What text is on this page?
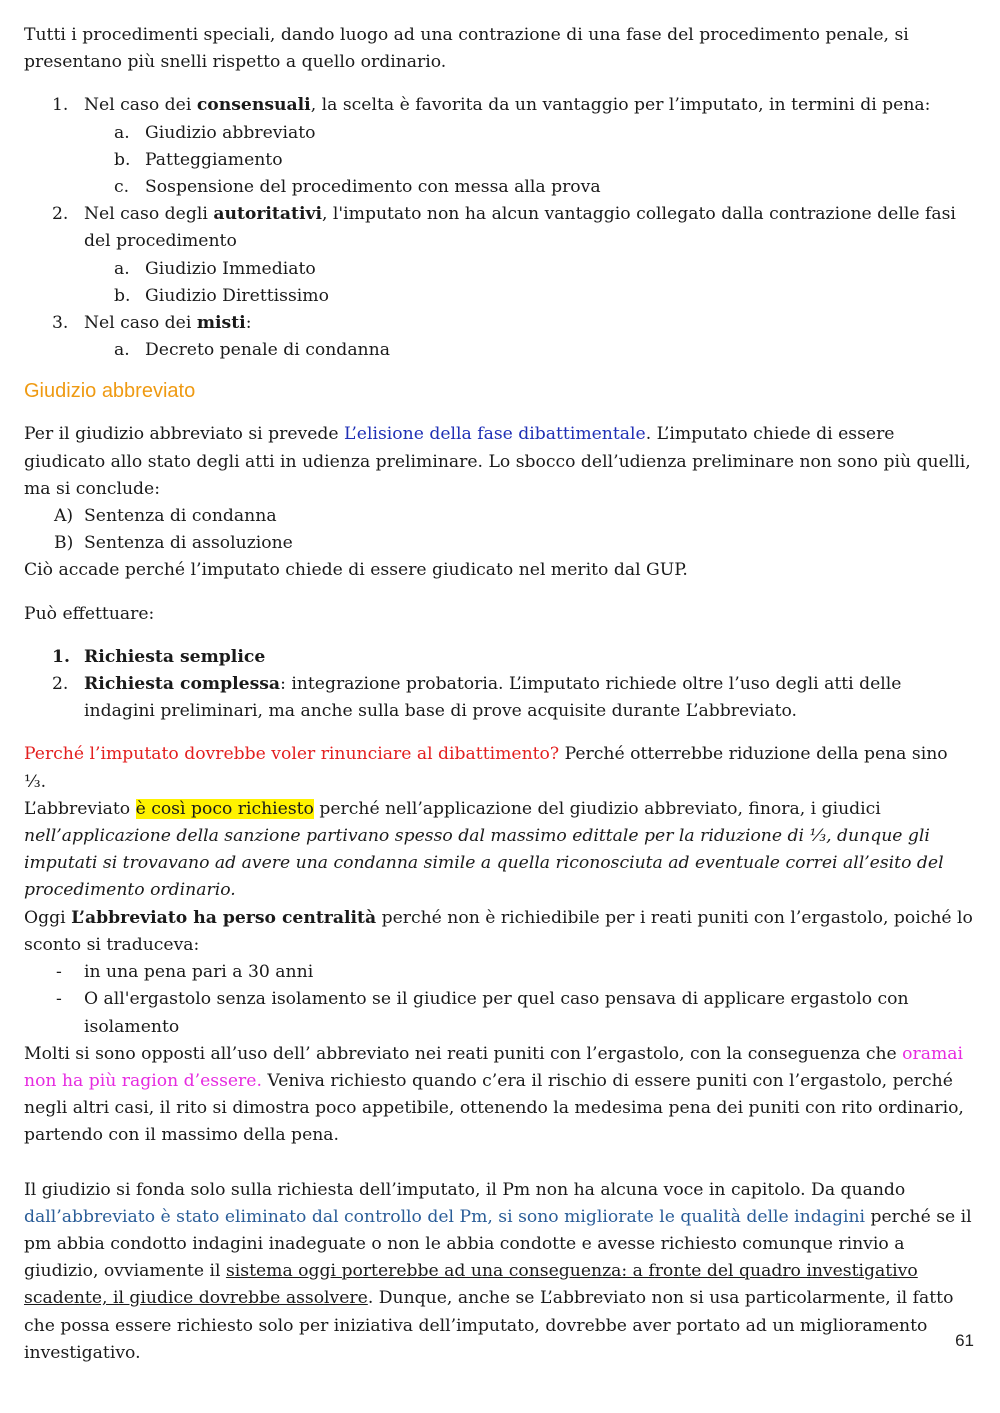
Tutti i procedimenti speciali, dando luogo ad una contrazione di una fase del procedimento penale, si presentano più snelli rispetto a quello ordinario.

1. Nel caso dei consensuali, la scelta è favorita da un vantaggio per l’imputato, in termini di pena:
a. Giudizio abbreviato
b. Patteggiamento
c. Sospensione del procedimento con messa alla prova
2. Nel caso degli autoritativi, l'imputato non ha alcun vantaggio collegato dalla contrazione delle fasi del procedimento
a. Giudizio Immediato
b. Giudizio Direttissimo
3. Nel caso dei misti:
a. Decreto penale di condanna
Giudizio abbreviato

Per il giudizio abbreviato si prevede L’elisione della fase dibattimentale. L’imputato chiede di essere giudicato allo stato degli atti in udienza preliminare. Lo sbocco dell’udienza preliminare non sono più quelli, ma si conclude:

A) Sentenza di condanna
B) Sentenza di assoluzione

Ciò accade perché l’imputato chiede di essere giudicato nel merito dal GUP.

Può effettuare:

1. Richiesta semplice
2. Richiesta complessa: integrazione probatoria. L’imputato richiede oltre l’uso degli atti delle indagini preliminari, ma anche sulla base di prove acquisite durante L’abbreviato.

Perché l’imputato dovrebbe voler rinunciare al dibattimento? Perché otterrebbe riduzione della pena sino ⅓.
L’abbreviato è così poco richiesto perché nell’applicazione del giudizio abbreviato, finora, i giudici nell’applicazione della sanzione partivano spesso dal massimo edittale per la riduzione di ⅓, dunque gli imputati si trovavano ad avere una condanna simile a quella riconosciuta ad eventuale correi all’esito del procedimento ordinario.

Oggi L’abbreviato ha perso centralità perché non è richiedibile per i reati puniti con l’ergastolo, poiché lo sconto si traduceva:

- in una pena pari a 30 anni
- O all'ergastolo senza isolamento se il giudice per quel caso pensava di applicare ergastolo con isolamento

Molti si sono opposti all’uso dell’ abbreviato nei reati puniti con l’ergastolo, con la conseguenza che oramai non ha più ragion d’essere. Veniva richiesto quando c’era il rischio di essere puniti con l’ergastolo, perché negli altri casi, il rito si dimostra poco appetibile, ottenendo la medesima pena dei puniti con rito ordinario, partendo con il massimo della pena.

Il giudizio si fonda solo sulla richiesta dell’imputato, il Pm non ha alcuna voce in capitolo. Da quando dall’abbreviato è stato eliminato dal controllo del Pm, si sono migliorate le qualità delle indagini perché se il pm abbia condotto indagini inadeguate o non le abbia condotte e avesse richiesto comunque rinvio a giudizio, ovviamente il sistema oggi porterebbe ad una conseguenza: a fronte del quadro investigativo scadente, il giudice dovrebbe assolvere. Dunque, anche se L’abbreviato non si usa particolarmente, il fatto che possa essere richiesto solo per iniziativa dell’imputato, dovrebbe aver portato ad un miglioramento investigativo.

61
